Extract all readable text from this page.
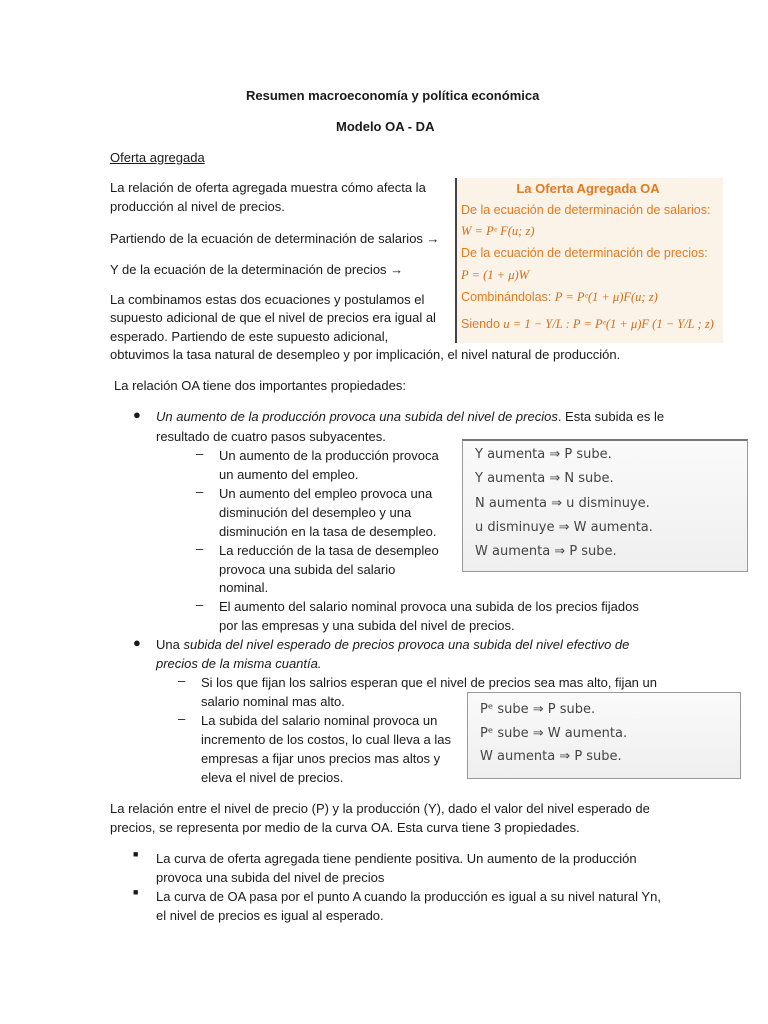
Resumen macroeconomía y política económica
Modelo OA - DA
Oferta agregada
La relación de oferta agregada muestra cómo afecta la
producción al nivel de precios.
Partiendo de la ecuación de determinación de salarios →
Y de la ecuación de la determinación de precios →
La combinamos estas dos ecuaciones y postulamos el
supuesto adicional de que el nivel de precios era igual al
esperado. Partiendo de este supuesto adicional,
obtuvimos la tasa natural de desempleo y por implicación, el nivel natural de producción.
La Oferta Agregada OA
De la ecuación de determinación de salarios:
W = Pᵉ F(u; z)
De la ecuación de determinación de precios:
P = (1 + μ)W
Combinándolas: P = Pᵉ(1 + μ)F(u; z)
Siendo u = 1 − Y/L : P = Pᵉ(1 + μ)F (1 − Y/L ; z)
La relación OA tiene dos importantes propiedades:
● Un aumento de la producción provoca una subida del nivel de precios. Esta subida es le
resultado de cuatro pasos subyacentes.
– Un aumento de la producción provoca
un aumento del empleo.
– Un aumento del empleo provoca una
disminución del desempleo y una
disminución en la tasa de desempleo.
– La reducción de la tasa de desempleo
provoca una subida del salario
nominal.
– El aumento del salario nominal provoca una subida de los precios fijados
por las empresas y una subida del nivel de precios.
Y aumenta ⇒ P sube.
Y aumenta ⇒ N sube.
N aumenta ⇒ u disminuye.
u disminuye ⇒ W aumenta.
W aumenta ⇒ P sube.
● Una subida del nivel esperado de precios provoca una subida del nivel efectivo de
precios de la misma cuantía.
– Si los que fijan los salrios esperan que el nivel de precios sea mas alto, fijan un
salario nominal mas alto.
– La subida del salario nominal provoca un
incremento de los costos, lo cual lleva a las
empresas a fijar unos precios mas altos y
eleva el nivel de precios.
Pᵉ sube ⇒ P sube.
Pᵉ sube ⇒ W aumenta.
W aumenta ⇒ P sube.
La relación entre el nivel de precio (P) y la producción (Y), dado el valor del nivel esperado de
precios, se representa por medio de la curva OA. Esta curva tiene 3 propiedades.
■ La curva de oferta agregada tiene pendiente positiva. Un aumento de la producción
provoca una subida del nivel de precios
■ La curva de OA pasa por el punto A cuando la producción es igual a su nivel natural Yn,
el nivel de precios es igual al esperado.
